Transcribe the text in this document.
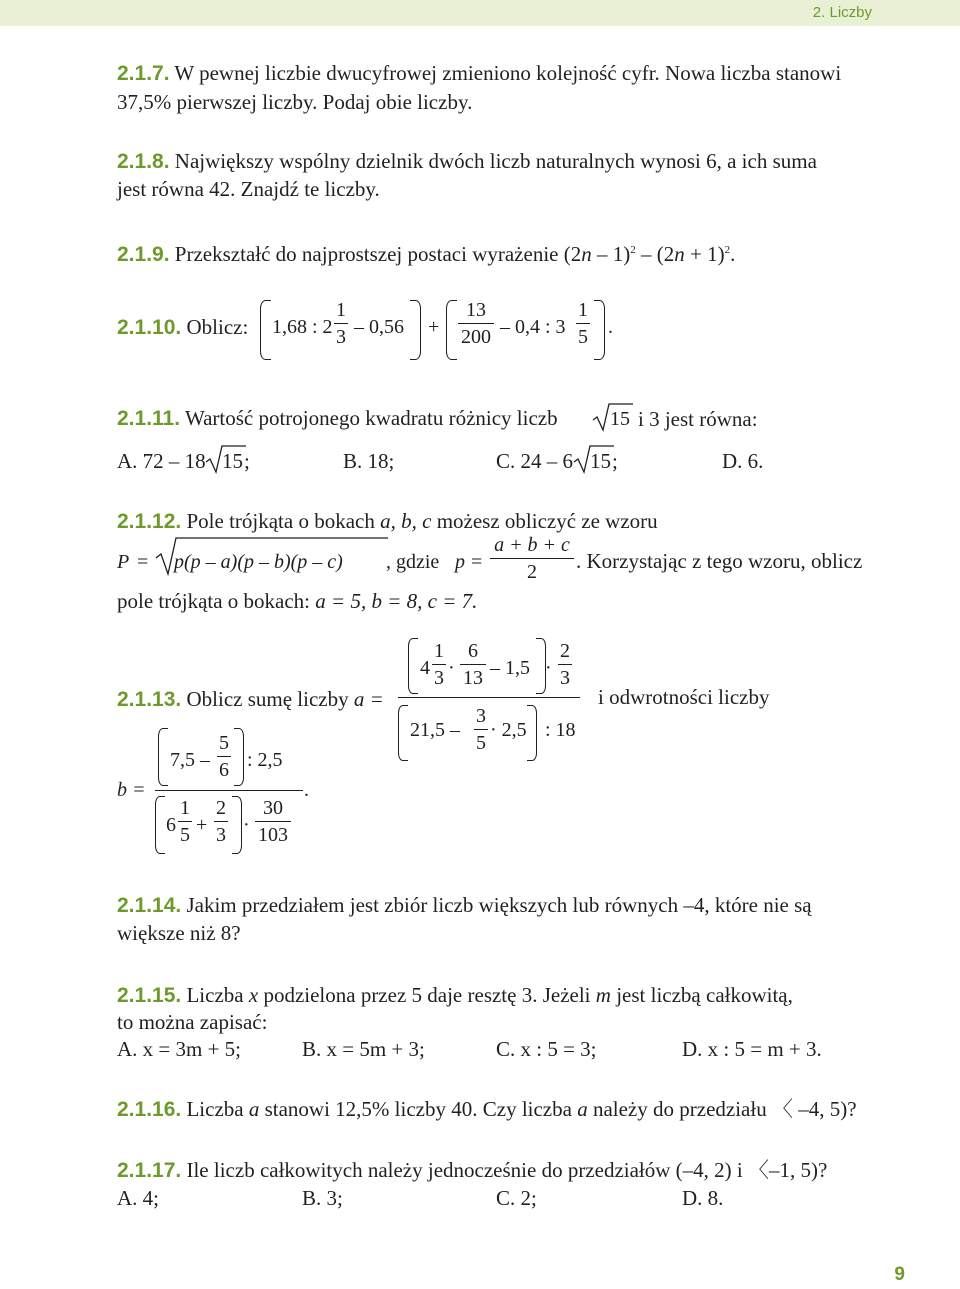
2. Liczby
2.1.7. W pewnej liczbie dwucyfrowej zmieniono kolejność cyfr. Nowa liczba stanowi
37,5% pierwszej liczby. Podaj obie liczby.
2.1.8. Największy wspólny dzielnik dwóch liczb naturalnych wynosi 6, a ich suma
jest równa 42. Znajdź te liczby.
2.1.9. Przekształć do najprostszej postaci wyrażenie $(2n - 1)^2 - (2n + 1)^2$.
2.1.10. Oblicz: 1,68 : 2
1
3 – 0,56 +
13
200 – 0,4 : 3
1
5 .
2.1.11. Wartość potrojonego kwadratu różnicy liczb	15 i 3 jest równa:
A. 72 – 18 15 ;	B. 18;	C. 24 – 6 15 ;	D. 6.
2.1.12. Pole trójkąta o bokach a, b, c możesz obliczyć ze wzoru
P = p(p – a)(p – b)(p – c) , gdzie p =
a + b + c
2	. Korzystając z tego wzoru, oblicz
pole trójkąta o bokach: a = 5, b = 8, c = 7.
2.1.13. Oblicz sumę liczby a =
4
1
3 ·
6
13 – 1,5 ·
2
3
21,5 –
3
5
· 2,5 : 18
i odwrotności liczby
b =
7,5 –
5
6 : 2,5
6
1
5 +
2
3 ·
30
103
.
2.1.14. Jakim przedziałem jest zbiór liczb większych lub równych –4, które nie są
większe niż 8?
2.1.15. Liczba x podzielona przez 5 daje resztę 3. Jeżeli m jest liczbą całkowitą,
to można zapisać:
A. x = 3m + 5;	B. x = 5m + 3;	C. x : 5 = 3;	D. x : 5 = m + 3.
2.1.16. Liczba a stanowi 12,5% liczby 40. Czy liczba a należy do przedziału 〈 –4, 5)?
2.1.17. Ile liczb całkowitych należy jednocześnie do przedziałów (–4, 2) i 〈–1, 5)?
A. 4;	B. 3;	C. 2;	D. 8.
9
